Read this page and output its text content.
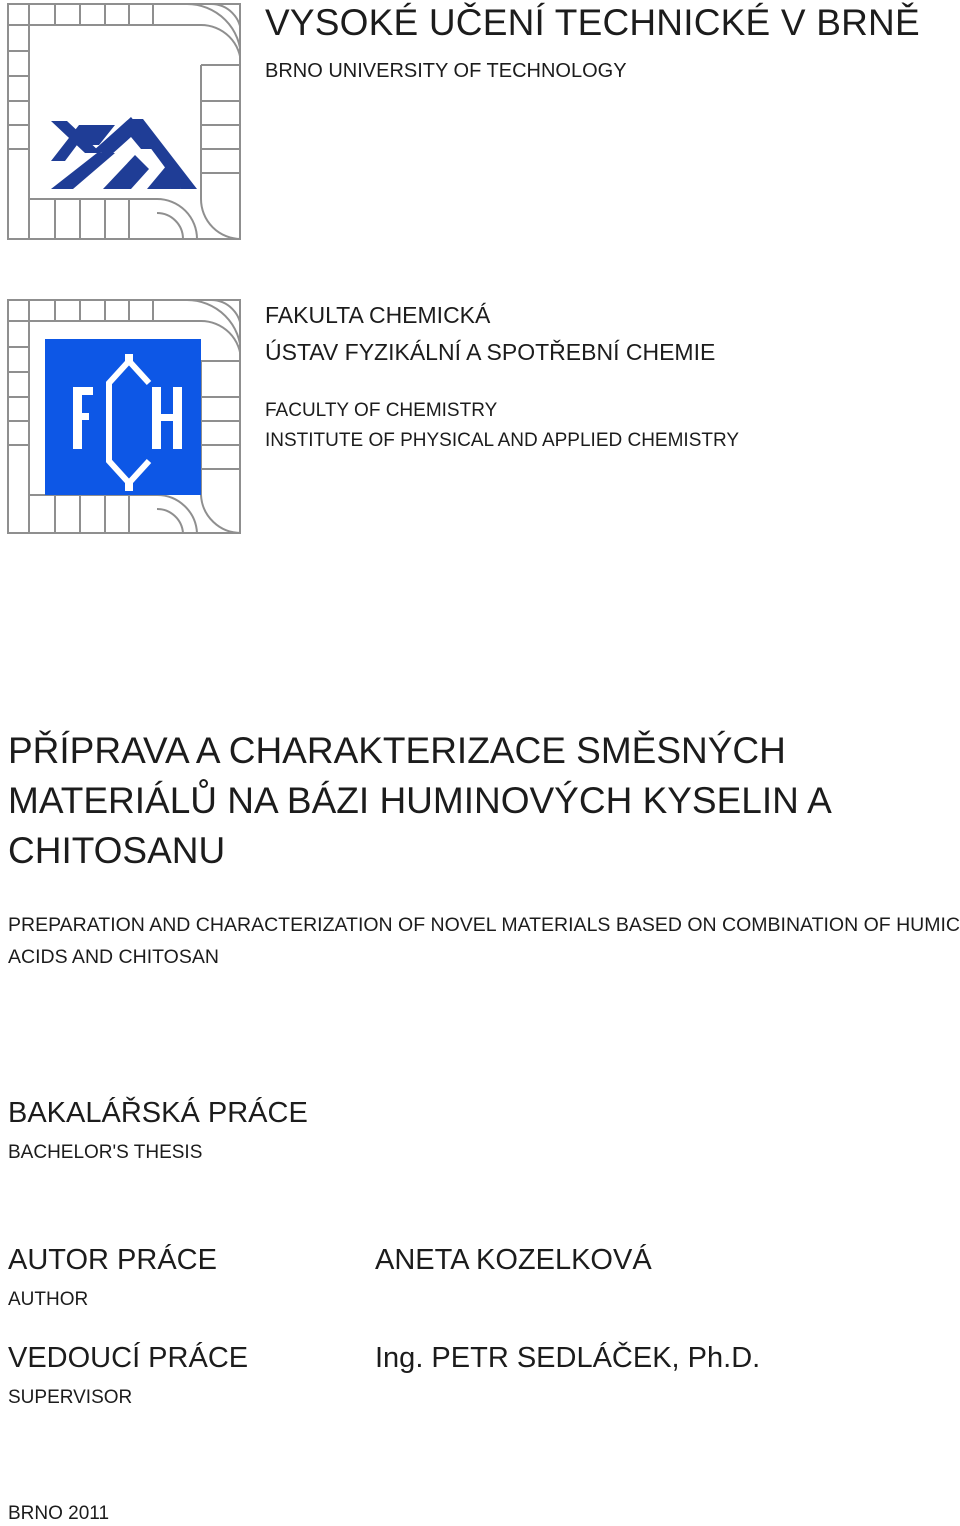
VYSOKÉ UČENÍ TECHNICKÉ V BRNĚ
BRNO UNIVERSITY OF TECHNOLOGY
FAKULTA CHEMICKÁ
ÚSTAV FYZIKÁLNÍ A SPOTŘEBNÍ CHEMIE
FACULTY OF CHEMISTRY
INSTITUTE OF PHYSICAL AND APPLIED CHEMISTRY
PŘÍPRAVA A CHARAKTERIZACE SMĚSNÝCH MATERIÁLŮ NA BÁZI HUMINOVÝCH KYSELIN A CHITOSANU
PREPARATION AND CHARACTERIZATION OF NOVEL MATERIALS BASED ON COMBINATION OF HUMIC ACIDS AND CHITOSAN
BAKALÁŘSKÁ PRÁCE
BACHELOR'S THESIS
AUTOR PRÁCE
AUTHOR
ANETA KOZELKOVÁ
VEDOUCÍ PRÁCE
SUPERVISOR
Ing. PETR SEDLÁČEK, Ph.D.
BRNO 2011
